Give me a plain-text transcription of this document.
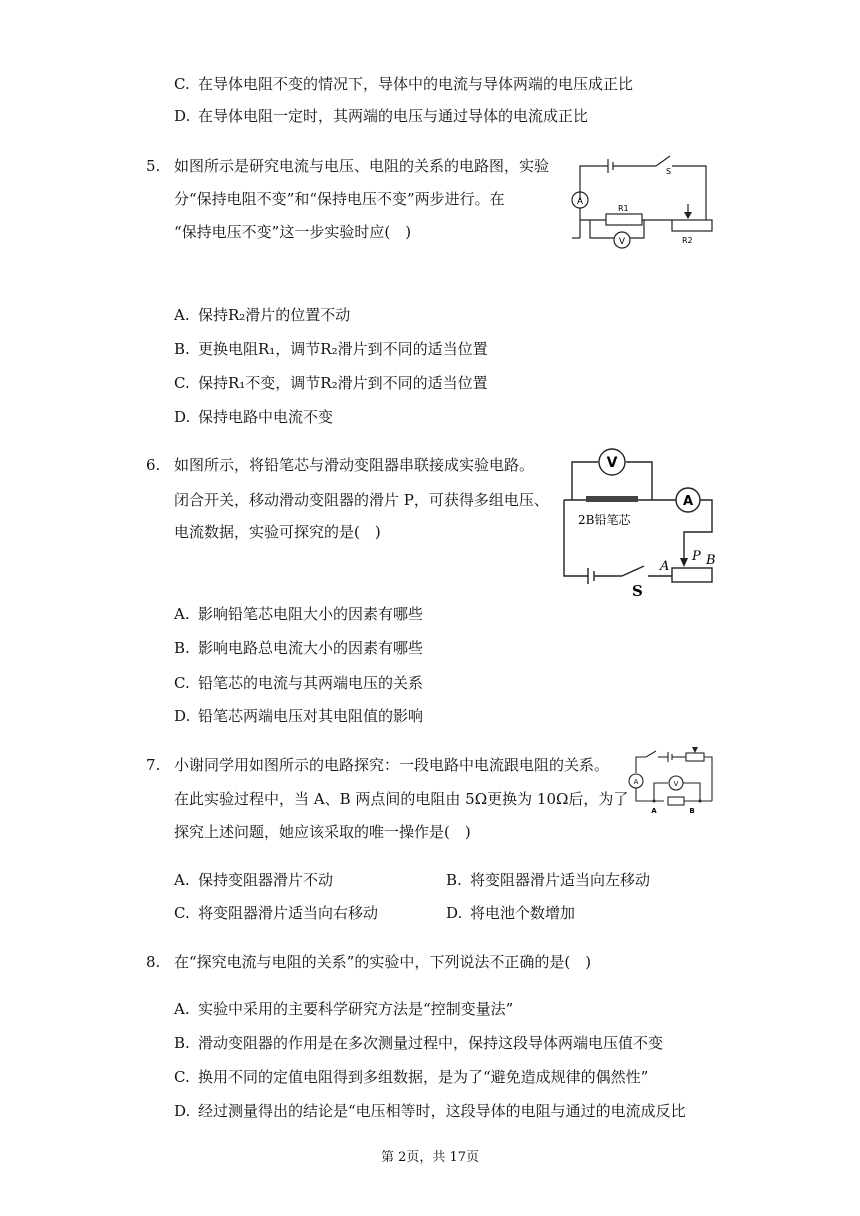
C. 在导体电阻不变的情况下，导体中的电流与导体两端的电压成正比
D. 在导体电阻一定时，其两端的电压与通过导体的电流成正比
5. 如图所示是研究电流与电压、电阻的关系的电路图，实验
分“保持电阻不变”和“保持电压不变”两步进行。在
“保持电压不变”这一步实验时应(　)
A
V
S
R1
R2
A. 保持R₂滑片的位置不动
B. 更换电阻R₁，调节R₂滑片到不同的适当位置
C. 保持R₁不变，调节R₂滑片到不同的适当位置
D. 保持电路中电流不变
6. 如图所示，将铅笔芯与滑动变阻器串联接成实验电路。
闭合开关，移动滑动变阻器的滑片 P，可获得多组电压、
电流数据，实验可探究的是(　)
V
A
2B铅笔芯
P B
A
S
A. 影响铅笔芯电阻大小的因素有哪些
B. 影响电路总电流大小的因素有哪些
C. 铅笔芯的电流与其两端电压的关系
D. 铅笔芯两端电压对其电阻值的影响
7. 小谢同学用如图所示的电路探究：一段电路中电流跟电阻的关系。
在此实验过程中，当 A、B 两点间的电阻由 5Ω更换为 10Ω后，为了
探究上述问题，她应该采取的唯一操作是(　)
A	V
A	B
A. 保持变阻器滑片不动	B. 将变阻器滑片适当向左移动
C. 将变阻器滑片适当向右移动	D. 将电池个数增加
8. 在“探究电流与电阻的关系”的实验中，下列说法不正确的是(　)
A. 实验中采用的主要科学研究方法是“控制变量法”
B. 滑动变阻器的作用是在多次测量过程中，保持这段导体两端电压值不变
C. 换用不同的定值电阻得到多组数据，是为了“避免造成规律的偶然性”
D. 经过测量得出的结论是“电压相等时，这段导体的电阻与通过的电流成反比
第 2页，共 17页
